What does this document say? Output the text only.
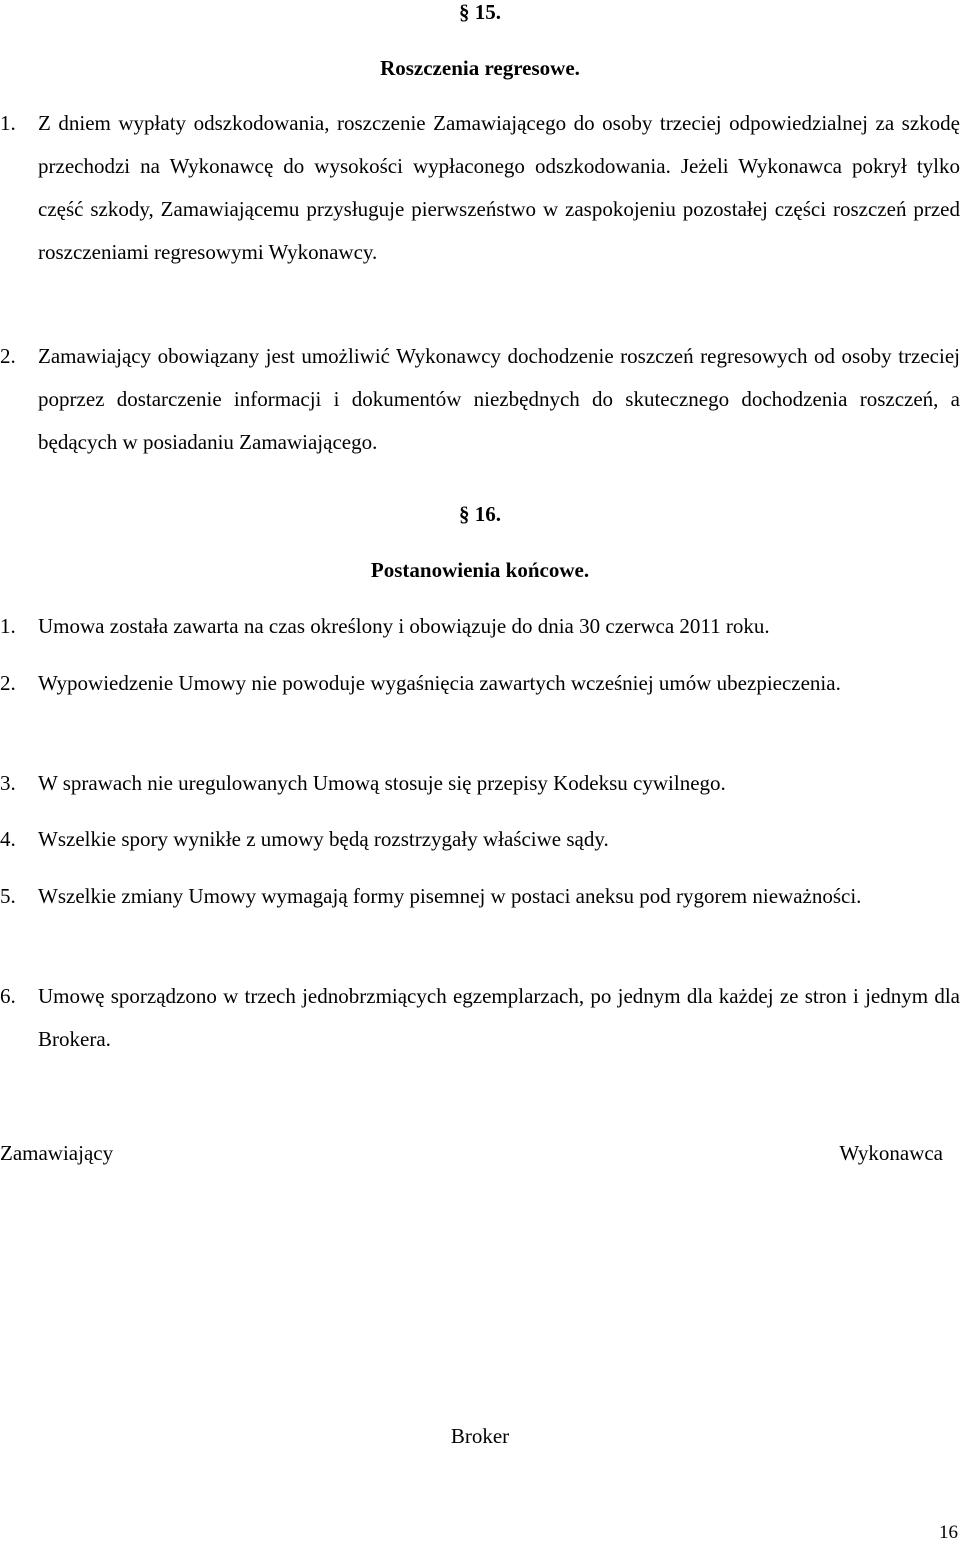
§ 15.

Roszczenia regresowe.

1. Z dniem wypłaty odszkodowania, roszczenie Zamawiającego do osoby trzeciej odpowiedzialnej za szkodę przechodzi na Wykonawcę do wysokości wypłaconego odszkodowania. Jeżeli Wykonawca pokrył tylko część szkody, Zamawiającemu przysługuje pierwszeństwo w zaspokojeniu pozostałej części roszczeń przed roszczeniami regresowymi Wykonawcy.
2. Zamawiający obowiązany jest umożliwić Wykonawcy dochodzenie roszczeń regresowych od osoby trzeciej poprzez dostarczenie informacji i dokumentów niezbędnych do skutecznego dochodzenia roszczeń, a będących w posiadaniu Zamawiającego.

§ 16.

Postanowienia końcowe.

1. Umowa została zawarta na czas określony i obowiązuje do dnia 30 czerwca 2011 roku.
2. Wypowiedzenie Umowy nie powoduje wygaśnięcia zawartych wcześniej umów ubezpieczenia.
3. W sprawach nie uregulowanych Umową stosuje się przepisy Kodeksu cywilnego.
4. Wszelkie spory wynikłe z umowy będą rozstrzygały właściwe sądy.
5. Wszelkie zmiany Umowy wymagają formy pisemnej w postaci aneksu pod rygorem nieważności.
6. Umowę sporządzono w trzech jednobrzmiących egzemplarzach, po jednym dla każdej ze stron i jednym dla Brokera.

Zamawiający	Wykonawca

Broker

16
